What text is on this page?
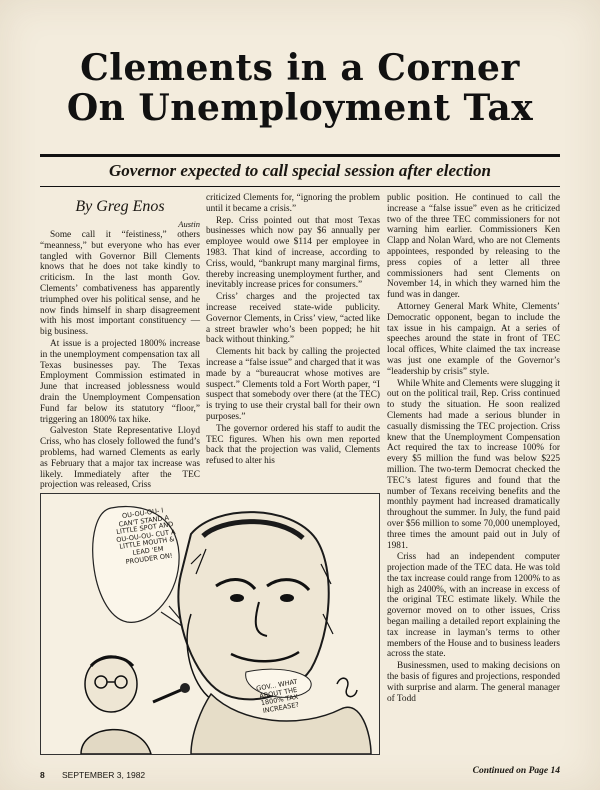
Clements in a Corner
On Unemployment Tax
Governor expected to call special session after election
By Greg Enos
Austin

Some call it “feistiness,” others “meanness,” but everyone who has ever tangled with Governor Bill Clements knows that he does not take kindly to criticism. In the last month Gov. Clements’ combativeness has apparently triumphed over his political sense, and he now finds himself in sharp disagreement with his most important constituency — big business.

At issue is a projected 1800% increase in the unemployment compensation tax all Texas businesses pay. The Texas Employment Commission estimated in June that increased joblessness would drain the Unemployment Compensation Fund far below its statutory “floor,” triggering an 1800% tax hike.

Galveston State Representative Lloyd Criss, who has closely followed the fund’s problems, had warned Clements as early as February that a major tax increase was likely. Immediately after the TEC projection was released, Criss

criticized Clements for, “ignoring the problem until it became a crisis.”

Rep. Criss pointed out that most Texas businesses which now pay $6 annually per employee would owe $114 per employee in 1983. That kind of increase, according to Criss, would, “bankrupt many marginal firms, thereby increasing unemployment further, and inevitably increase prices for consumers.”

Criss’ charges and the projected tax increase received state-wide publicity. Governor Clements, in Criss’ view, “acted like a street brawler who’s been popped; he hit back without thinking.”

Clements hit back by calling the projected increase a “false issue” and charged that it was made by a “bureaucrat whose motives are suspect.” Clements told a Fort Worth paper, “I suspect that somebody over there (at the TEC) is trying to use their crystal ball for their own purposes.”

The governor ordered his staff to audit the TEC figures. When his own men reported back that the projection was valid, Clements refused to alter his

public position. He continued to call the increase a “false issue” even as he criticized two of the three TEC commissioners for not warning him earlier. Commissioners Ken Clapp and Nolan Ward, who are not Clements appointees, responded by releasing to the press copies of a letter all three commissioners had sent Clements on November 14, in which they warned him the fund was in danger.

Attorney General Mark White, Clements’ Democratic opponent, began to include the tax issue in his campaign. At a series of speeches around the state in front of TEC local offices, White claimed the tax increase was just one example of the Governor’s “leadership by crisis” style.

While White and Clements were slugging it out on the political trail, Rep. Criss continued to study the situation. He soon realized Clements had made a serious blunder in casually dismissing the TEC projection. Criss knew that the Unemployment Compensation Act required the tax to increase 100% for every $5 million the fund was below $225 million. The two-term Democrat checked the TEC’s latest figures and found that the number of Texans receiving benefits and the monthly payment had increased dramatically throughout the summer. In July, the fund paid over $56 million to some 70,000 unemployed, three times the amount paid out in July of 1981.

Criss had an independent computer projection made of the TEC data. He was told the tax increase could range from 1200% to as high as 2400%, with an increase in excess of the original TEC estimate likely. While the governor moved on to other issues, Criss began mailing a detailed report explaining the tax increase in layman’s terms to other members of the House and to business leaders across the state.

Businessmen, used to making decisions on the basis of figures and projections, responded with surprise and alarm. The general manager of Todd

OU-OU-OU- I CAN'T STAND A LITTLE SPOT AND OU-OU-OU- CUT A LITTLE MOUTH & LEAD 'EM PROUDER ON!
GOV... WHAT ABOUT THE 1800% TAX INCREASE?
8 SEPTEMBER 3, 1982	Continued on Page 14
